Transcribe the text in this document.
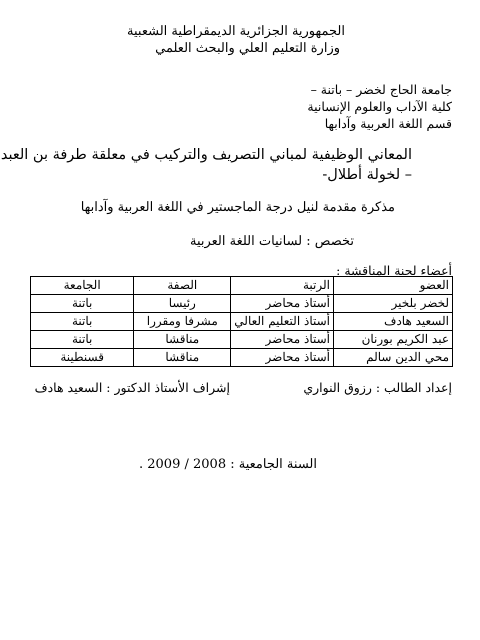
الجمهورية الجزائرية الديمقراطية الشعبية
وزارة التعليم العلي والبحث العلمي
جامعة الحاج لخضر – باتنة –
كلية الآداب والعلوم الإنسانية
قسم اللغة العربية وآدابها
المعاني الوظيفية لمباني التصريف والتركيب في معلقة طرفة بن العبد
– لخولة أطلال-
مذكرة مقدمة لنيل درجة الماجستير في اللغة العربية وآدابها
تخصص : لسانيات اللغة العربية
أعضاء لجنة المناقشة :
العضو	الرتبة	الصفة	الجامعة
لخضر بلخير	أستاذ محاضر	رئيسا	باتنة
السعيد هادف	أستاذ التعليم العالي	مشرفا ومقررا	باتنة
عبد الكريم بورنان	أستاذ محاضر	مناقشا	باتنة
محي الدين سالم	أستاذ محاضر	مناقشا	قسنطينة
إعداد الطالب : رزوق النواري
إشراف الأستاذ الدكتور : السعيد هادف
السنة الجامعية : 2008 / 2009 .
